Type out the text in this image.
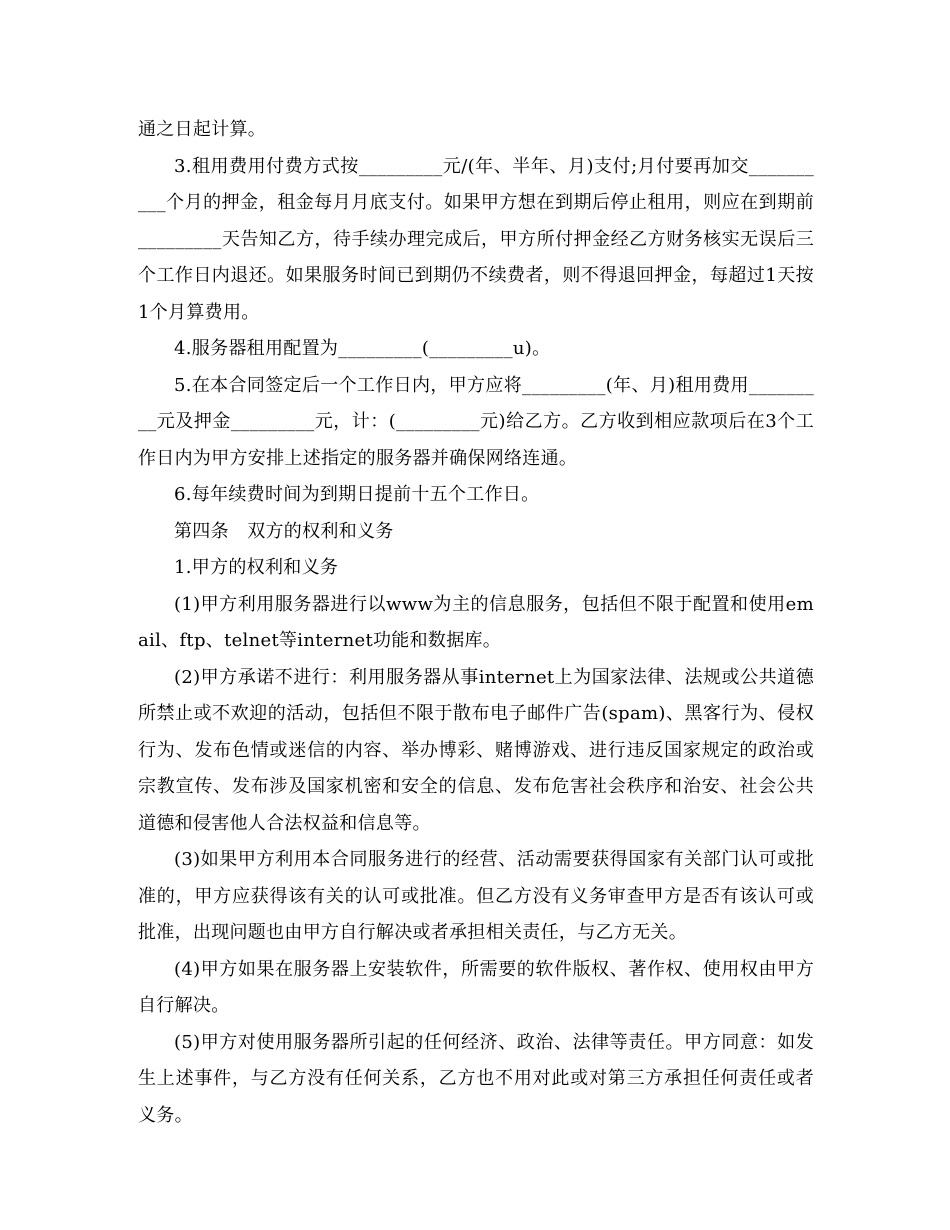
通之日起计算。

3.租用费用付费方式按_________元/(年、半年、月)支付;月付要再加交__________个月的押金，租金每月月底支付。如果甲方想在到期后停止租用，则应在到期前_________天告知乙方，待手续办理完成后，甲方所付押金经乙方财务核实无误后三个工作日内退还。如果服务时间已到期仍不续费者，则不得退回押金，每超过1天按1个月算费用。

4.服务器租用配置为_________(_________u)。

5.在本合同签定后一个工作日内，甲方应将_________(年、月)租用费用_________元及押金_________元，计：(_________元)给乙方。乙方收到相应款项后在3个工作日内为甲方安排上述指定的服务器并确保网络连通。

6.每年续费时间为到期日提前十五个工作日。

第四条　双方的权利和义务

1.甲方的权利和义务

(1)甲方利用服务器进行以www为主的信息服务，包括但不限于配置和使用email、ftp、telnet等internet功能和数据库。

(2)甲方承诺不进行：利用服务器从事internet上为国家法律、法规或公共道德所禁止或不欢迎的活动，包括但不限于散布电子邮件广告(spam)、黑客行为、侵权行为、发布色情或迷信的内容、举办博彩、赌博游戏、进行违反国家规定的政治或宗教宣传、发布涉及国家机密和安全的信息、发布危害社会秩序和治安、社会公共道德和侵害他人合法权益和信息等。

(3)如果甲方利用本合同服务进行的经营、活动需要获得国家有关部门认可或批准的，甲方应获得该有关的认可或批准。但乙方没有义务审查甲方是否有该认可或批准，出现问题也由甲方自行解决或者承担相关责任，与乙方无关。

(4)甲方如果在服务器上安装软件，所需要的软件版权、著作权、使用权由甲方自行解决。

(5)甲方对使用服务器所引起的任何经济、政治、法律等责任。甲方同意：如发生上述事件，与乙方没有任何关系，乙方也不用对此或对第三方承担任何责任或者义务。
